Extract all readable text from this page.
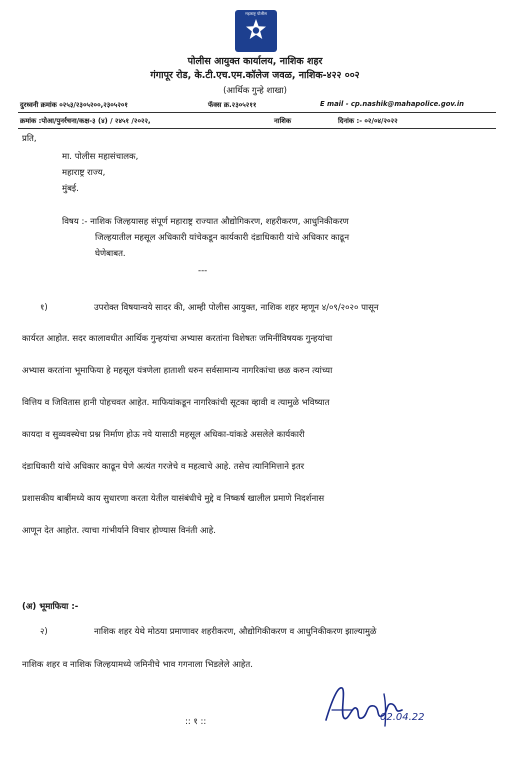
महाराष्ट्र पोलीस
पोलीस आयुक्त कार्यालय, नाशिक शहर
गंगापूर रोड, के.टी.एच.एम.कॉलेज जवळ, नाशिक-४२२ ००२
(आर्थिक गुन्हे शाखा)
दुरध्वनी क्रमांक ०२५३/२३०५२००,२३०५२०१	फॅक्स क्र.२३०५२११	E mail - cp.nashik@mahapolice.gov.in
क्रमांक :पोआ/पुनर्रचना/कक्ष-३ (४) / २४५१ /२०२२,	नाशिक	दिनांक :- ०२/०४/२०२२
प्रति,
मा. पोलीस महासंचालक,
महाराष्ट्र राज्य,
मुंबई.
विषय :- नाशिक जिल्हयासह संपूर्ण महाराष्ट्र राज्यात औद्योगिकरण, शहरीकरण, आधुनिकीकरण
जिल्हयातील महसूल अधिकारी यांचेकडून कार्यकारी दंडाधिकारी यांचे अधिकार काढून
घेणेबाबत.
---
१)	उपरोक्त विषयान्वये सादर की, आम्ही पोलीस आयुक्त, नाशिक शहर म्हणून ४/०९/२०२० पासून
कार्यरत आहोत. सदर कालावधीत आर्थिक गुन्हयांचा अभ्यास करतांना विशेषतः जमिनींविषयक गुन्हयांचा
अभ्यास करतांना भूमाफिया हे महसूल यंत्रणेला हाताशी धरुन सर्वसामान्य नागरिकांचा छळ करुन त्यांच्या
वित्तिय व जिवितास हानी पोहचवत आहेत. माफियांकडून नागरिकांची सूटका व्हावी व त्यामुळे भविष्यात
कायदा व सुव्यवस्थेचा प्रश्न निर्माण होऊ नये यासाठी महसूल अधिका-यांकडे असलेले कार्यकारी
दंडाधिकारी यांचे अधिकार काढून घेणे अत्यंत गरजेचे व महत्वाचे आहे. तसेच त्यानिमित्ताने इतर
प्रशासकीय बाबींमध्ये काय सुधारणा करता येतील यासंबंधीचे मुद्दे व निष्कर्ष खालील प्रमाणे निदर्शनास
आणून देत आहोत. त्याचा गांभीर्याने विचार होण्यास विनंती आहे.
(अ) भूमाफिया :-
२)	नाशिक शहर येथे मोठया प्रमाणावर शहरीकरण, औद्योगिकीकरण व आधुनिकीकरण झाल्यामुळे
नाशिक शहर व नाशिक जिल्हयामध्ये जमिनीचे भाव गगनाला भिडलेले आहेत.
:: १ ::	02.04.22
